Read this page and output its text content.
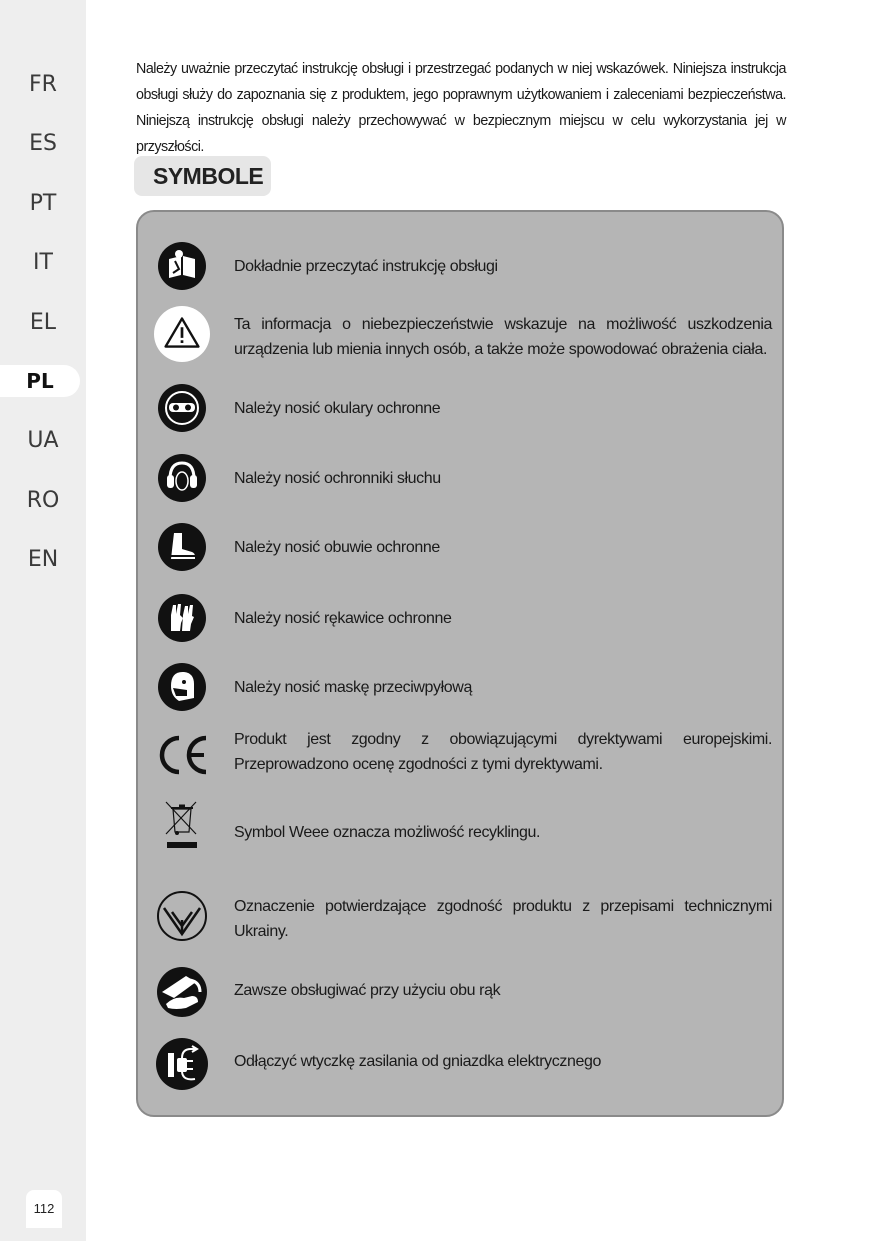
FR
ES
PT
IT
EL
PL
UA
RO
EN
112
Należy uważnie przeczytać instrukcję obsługi i przestrzegać podanych w niej wskazówek. Niniejsza instrukcja obsługi służy do zapoznania się z produktem, jego poprawnym użytkowaniem i zaleceniami bezpieczeństwa. Niniejszą instrukcję obsługi należy przechowywać w bezpiecznym miejscu w celu wykorzystania jej w przyszłości.
SYMBOLE
Dokładnie przeczytać instrukcję obsługi
Ta informacja o niebezpieczeństwie wskazuje na możliwość uszkodzenia urządzenia lub mienia innych osób, a także może spowodować obrażenia ciała.
Należy nosić okulary ochronne
Należy nosić ochronniki słuchu
Należy nosić obuwie ochronne
Należy nosić rękawice ochronne
Należy nosić maskę przeciwpyłową
Produkt jest zgodny z obowiązującymi dyrektywami europejskimi. Przeprowadzono ocenę zgodności z tymi dyrektywami.
Symbol Weee oznacza możliwość recyklingu.
Oznaczenie potwierdzające zgodność produktu z przepisami technicznymi Ukrainy.
Zawsze obsługiwać przy użyciu obu rąk
Odłączyć wtyczkę zasilania od gniazdka elektrycznego
